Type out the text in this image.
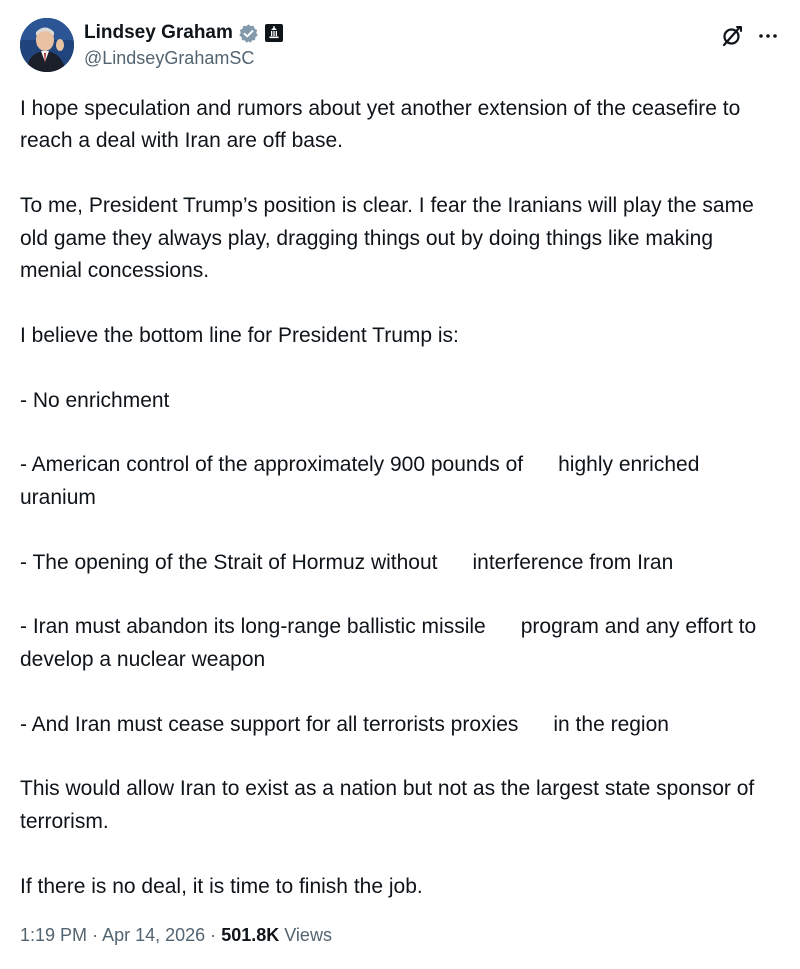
Lindsey Graham
@LindseyGrahamSC

I hope speculation and rumors about yet another extension of the ceasefire to reach a deal with Iran are off base.

To me, President Trump’s position is clear. I fear the Iranians will play the same old game they always play, dragging things out by doing things like making menial concessions.

I believe the bottom line for President Trump is:

- No enrichment

- American control of the approximately 900 pounds of      highly enriched uranium

- The opening of the Strait of Hormuz without      interference from Iran

- Iran must abandon its long-range ballistic missile      program and any effort to develop a nuclear weapon

- And Iran must cease support for all terrorists proxies      in the region

This would allow Iran to exist as a nation but not as the largest state sponsor of terrorism.

If there is no deal, it is time to finish the job.

1:19 PM · Apr 14, 2026 · 501.8K Views
